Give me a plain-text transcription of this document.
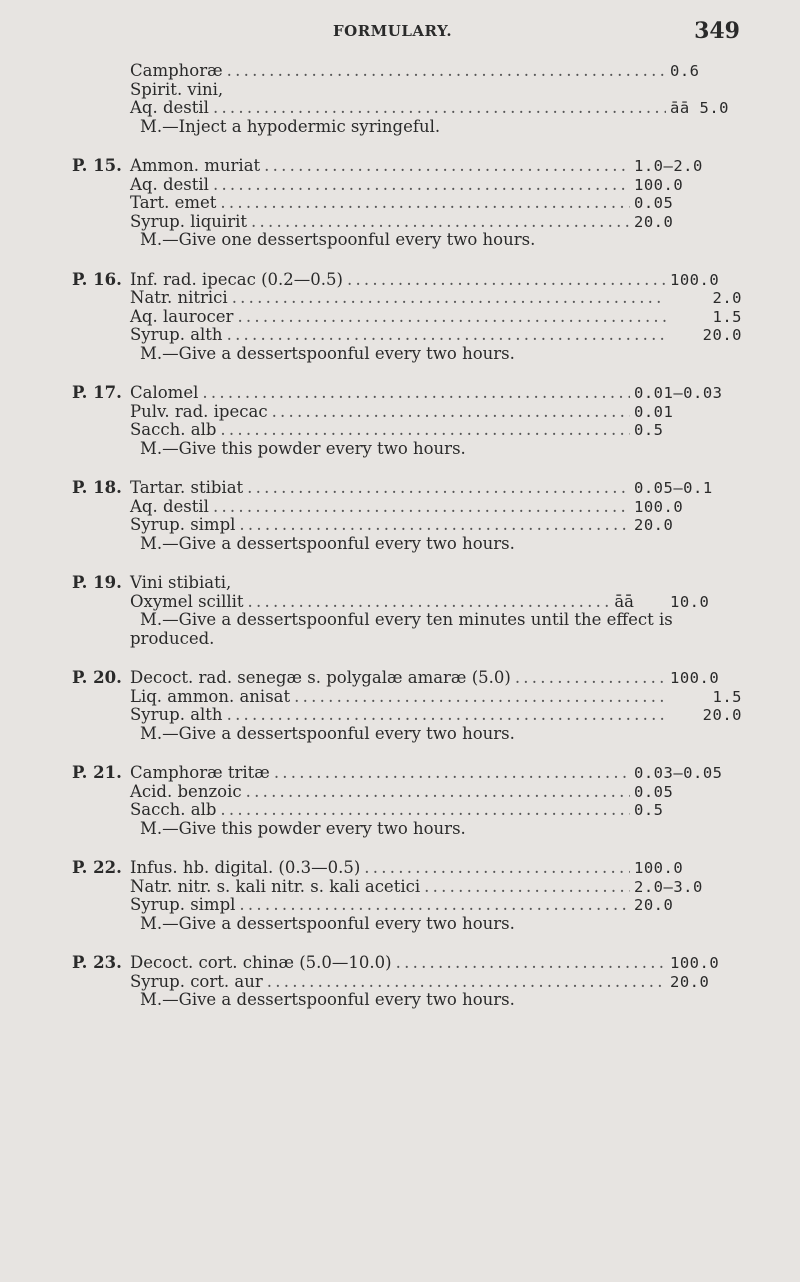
FORMULARY.	349
Camphoræ . . .	0.6
Spirit. vini,
Aq. destil . . .	āā 5.0
M.—Inject a hypodermic syringeful.
P. 15. Ammon. muriat . . .	1.0—2.0
Aq. destil . . .	100.0
Tart. emet . . .	0.05
Syrup. liquirit . . .	20.0
M.—Give one dessertspoonful every two hours.
P. 16. Inf. rad. ipecac (0.2—0.5) . . .	100.0
Natr. nitrici . . .	2.0
Aq. laurocer . . .	1.5
Syrup. alth . . .	20.0
M.—Give a dessertspoonful every two hours.
P. 17. Calomel . . .	0.01—0.03
Pulv. rad. ipecac . . .	0.01
Sacch. alb . . .	0.5
M.—Give this powder every two hours.
P. 18. Tartar. stibiat . . .	0.05—0.1
Aq. destil . . .	100.0
Syrup. simpl . . .	20.0
M.—Give a dessertspoonful every two hours.
P. 19. Vini stibiati,
Oxymel scillit . . .	āā 10.0
M.—Give a dessertspoonful every ten minutes until the effect is produced.
P. 20. Decoct. rad. senegæ s. polygalæ amaræ (5.0) . . .	100.0
Liq. ammon. anisat . . .	1.5
Syrup. alth . . .	20.0
M.—Give a dessertspoonful every two hours.
P. 21. Camphoræ tritæ . . .	0.03—0.05
Acid. benzoic . . .	0.05
Sacch. alb . . .	0.5
M.—Give this powder every two hours.
P. 22. Infus. hb. digital. (0.3—0.5) . . .	100.0
Natr. nitr. s. kali nitr. s. kali acetici . . .	2.0—3.0
Syrup. simpl . . .	20.0
M.—Give a dessertspoonful every two hours.
P. 23. Decoct. cort. chinæ (5.0—10.0) . . .	100.0
Syrup. cort. aur . . .	20.0
M.—Give a dessertspoonful every two hours.
